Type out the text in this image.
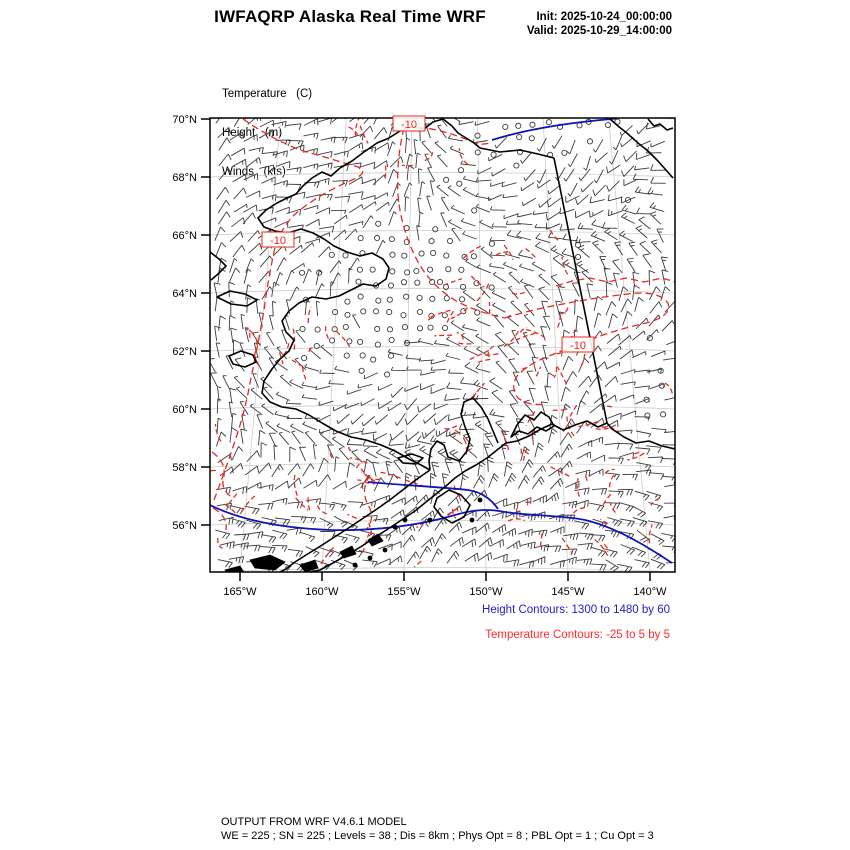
IWFAQRP Alaska Real Time WRF	Init: 2025-10-24_00:00:00
Valid: 2025-10-29_14:00:00

Temperature   (C)

Height   (m)

Winds   (kts)

70°N
68°N
66°N
64°N
62°N
60°N
58°N
56°N
165°W	160°W	155°W	150°W	145°W	140°W
-10
-10
-10
Height Contours: 1300 to 1480 by 60
Temperature Contours: -25 to 5 by 5
OUTPUT FROM WRF V4.6.1 MODEL
WE = 225 ; SN = 225 ; Levels = 38 ; Dis = 8km ; Phys Opt = 8 ; PBL Opt = 1 ; Cu Opt = 3
